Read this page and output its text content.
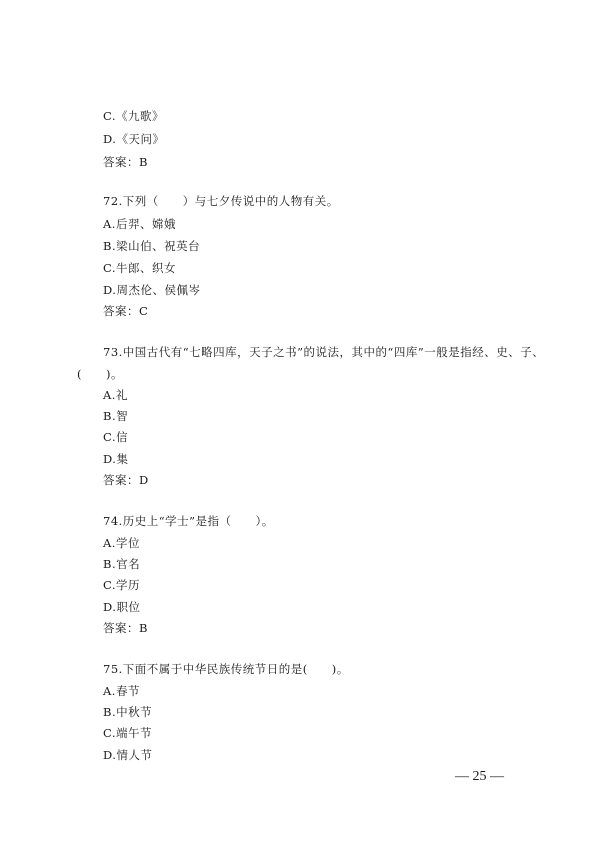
C.《九歌》
D.《天问》
答案：B
72.下列（　　）与七夕传说中的人物有关。
A.后羿、嫦娥
B.梁山伯、祝英台
C.牛郎、织女
D.周杰伦、侯佩岑
答案：C
73.中国古代有“七略四库，天子之书”的说法，其中的“四库”一般是指经、史、子、
(　　)。
A.礼
B.智
C.信
D.集
答案：D
74.历史上“学士”是指（　　）。
A.学位
B.官名
C.学历
D.职位
答案：B
75.下面不属于中华民族传统节日的是(　　)。
A.春节
B.中秋节
C.端午节
D.情人节
— 25 —
